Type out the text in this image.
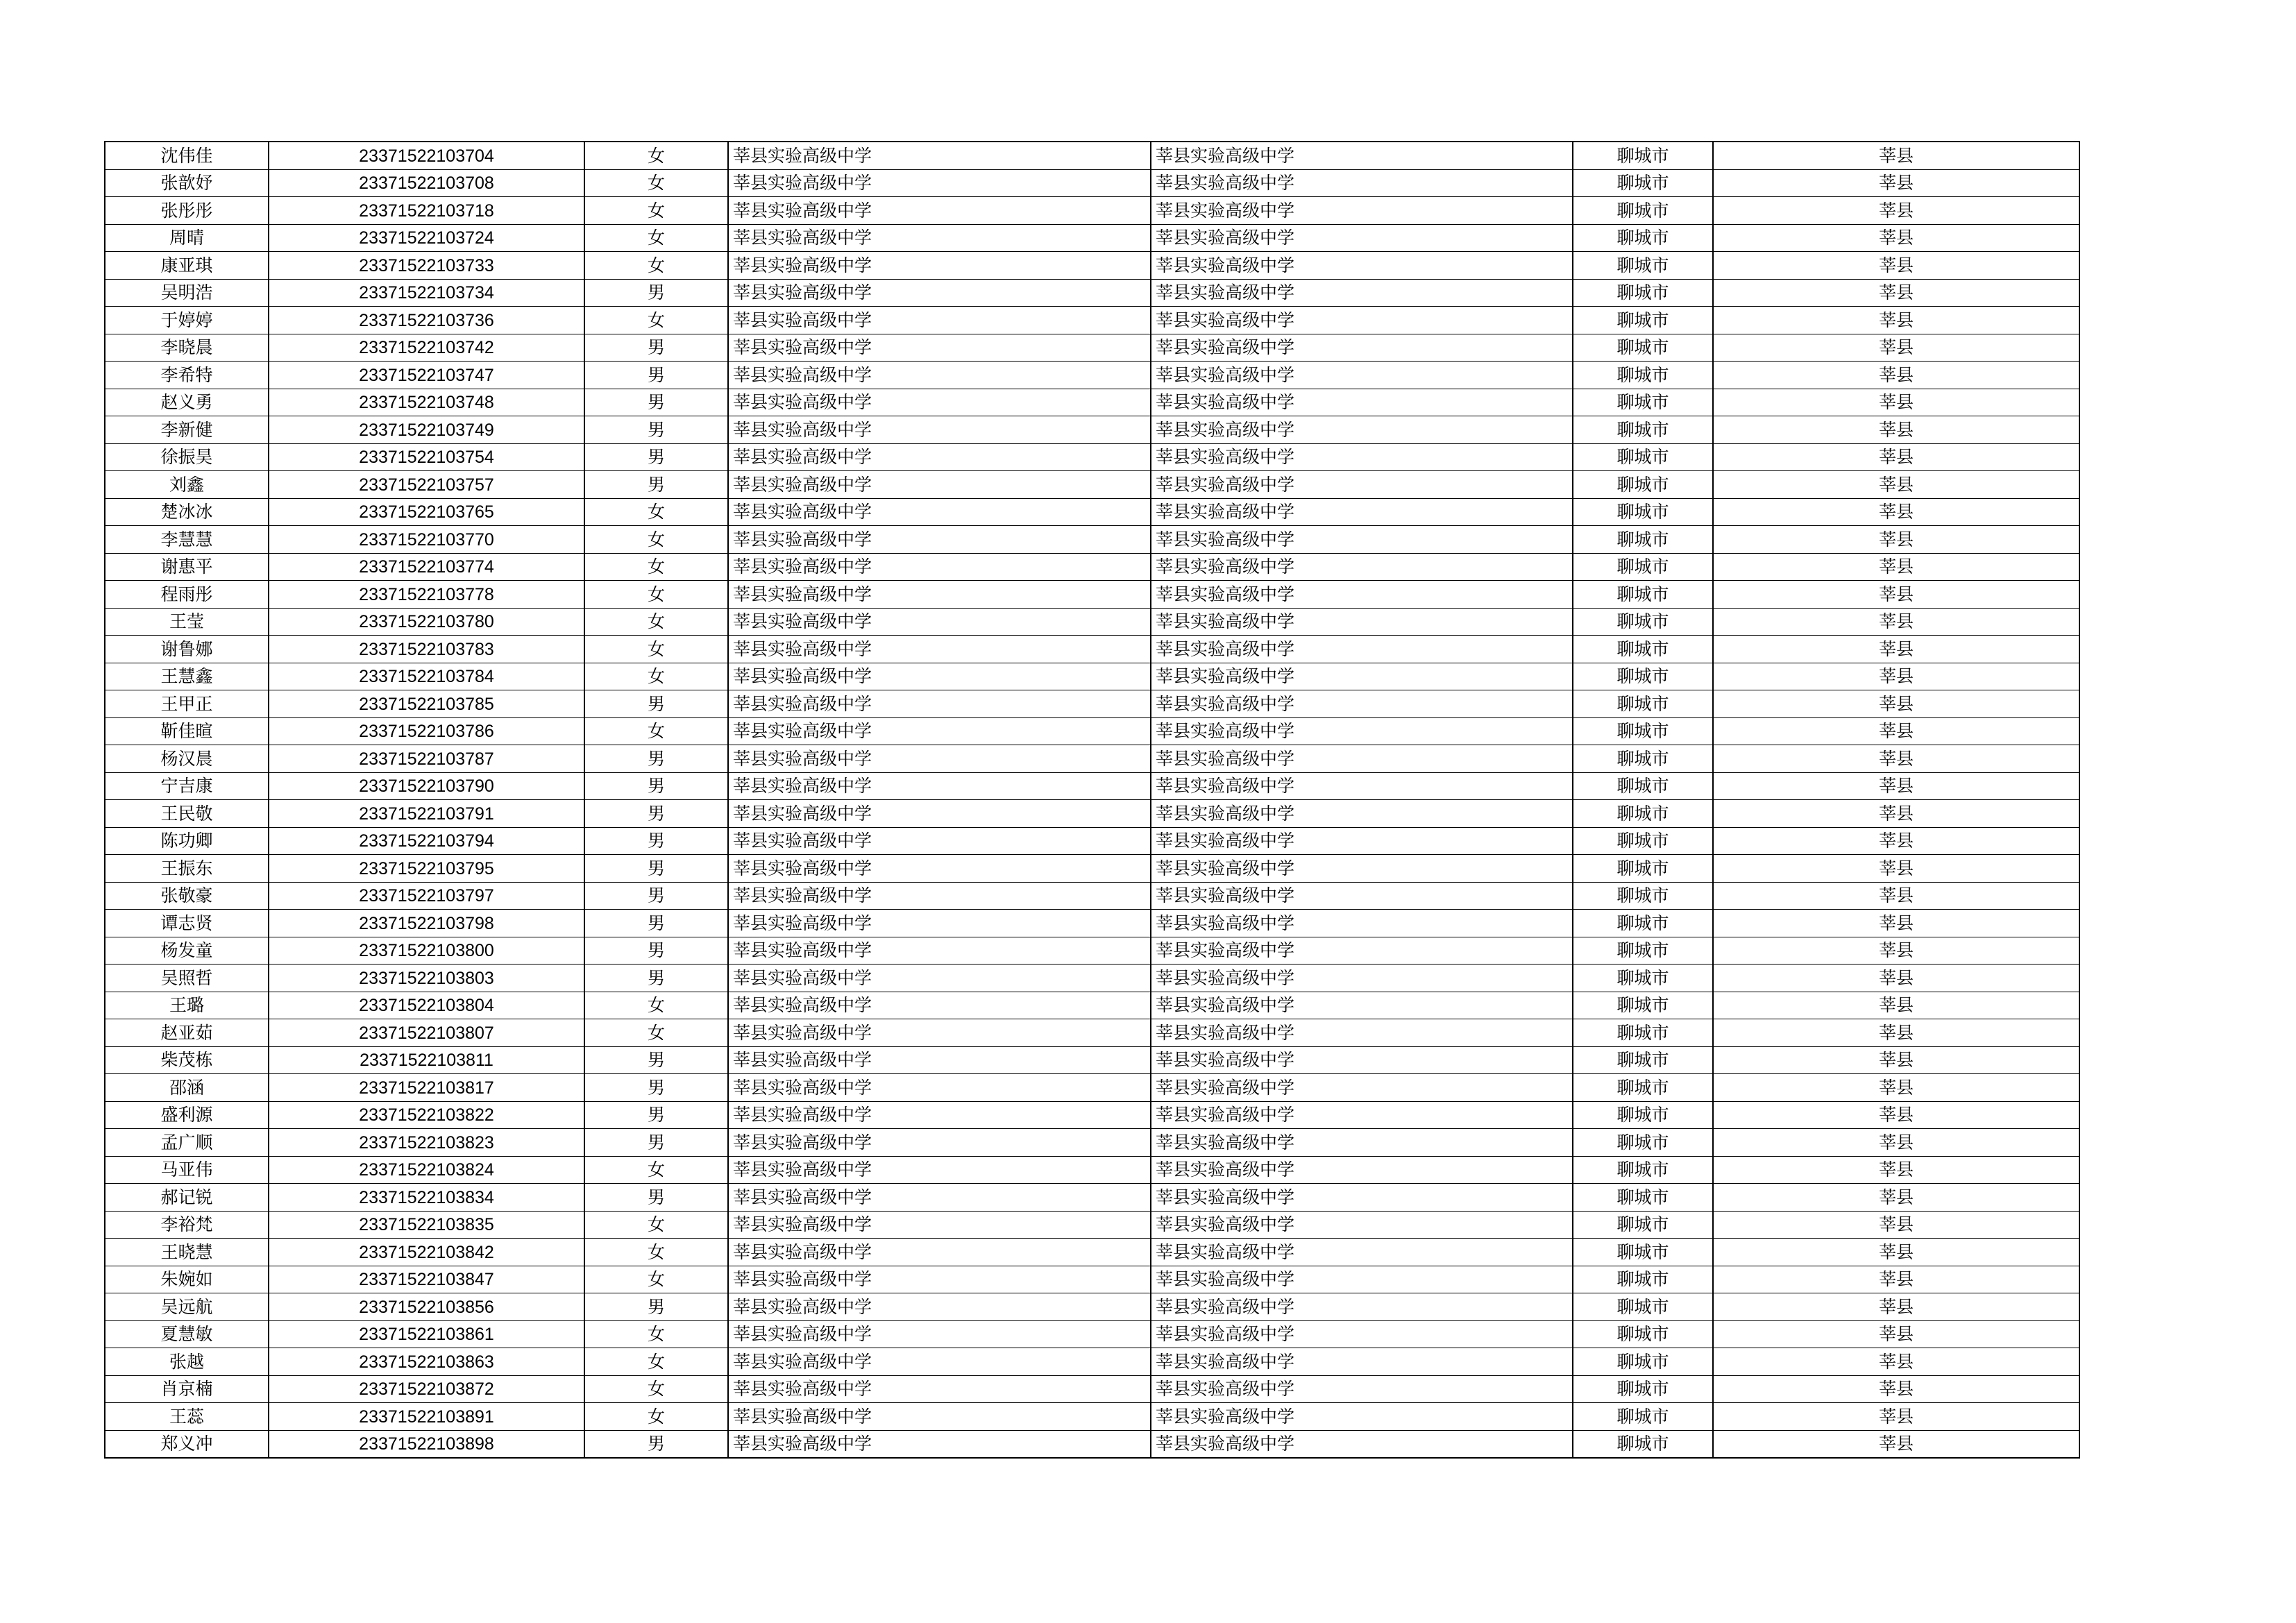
沈伟佳	23371522103704	女	莘县实验高级中学	莘县实验高级中学	聊城市	莘县
张歆妤	23371522103708	女	莘县实验高级中学	莘县实验高级中学	聊城市	莘县
张彤彤	23371522103718	女	莘县实验高级中学	莘县实验高级中学	聊城市	莘县
周晴	23371522103724	女	莘县实验高级中学	莘县实验高级中学	聊城市	莘县
康亚琪	23371522103733	女	莘县实验高级中学	莘县实验高级中学	聊城市	莘县
吴明浩	23371522103734	男	莘县实验高级中学	莘县实验高级中学	聊城市	莘县
于婷婷	23371522103736	女	莘县实验高级中学	莘县实验高级中学	聊城市	莘县
李晓晨	23371522103742	男	莘县实验高级中学	莘县实验高级中学	聊城市	莘县
李希特	23371522103747	男	莘县实验高级中学	莘县实验高级中学	聊城市	莘县
赵义勇	23371522103748	男	莘县实验高级中学	莘县实验高级中学	聊城市	莘县
李新健	23371522103749	男	莘县实验高级中学	莘县实验高级中学	聊城市	莘县
徐振昊	23371522103754	男	莘县实验高级中学	莘县实验高级中学	聊城市	莘县
刘鑫	23371522103757	男	莘县实验高级中学	莘县实验高级中学	聊城市	莘县
楚冰冰	23371522103765	女	莘县实验高级中学	莘县实验高级中学	聊城市	莘县
李慧慧	23371522103770	女	莘县实验高级中学	莘县实验高级中学	聊城市	莘县
谢惠平	23371522103774	女	莘县实验高级中学	莘县实验高级中学	聊城市	莘县
程雨彤	23371522103778	女	莘县实验高级中学	莘县实验高级中学	聊城市	莘县
王莹	23371522103780	女	莘县实验高级中学	莘县实验高级中学	聊城市	莘县
谢鲁娜	23371522103783	女	莘县实验高级中学	莘县实验高级中学	聊城市	莘县
王慧鑫	23371522103784	女	莘县实验高级中学	莘县实验高级中学	聊城市	莘县
王甲正	23371522103785	男	莘县实验高级中学	莘县实验高级中学	聊城市	莘县
靳佳暄	23371522103786	女	莘县实验高级中学	莘县实验高级中学	聊城市	莘县
杨汉晨	23371522103787	男	莘县实验高级中学	莘县实验高级中学	聊城市	莘县
宁吉康	23371522103790	男	莘县实验高级中学	莘县实验高级中学	聊城市	莘县
王民敬	23371522103791	男	莘县实验高级中学	莘县实验高级中学	聊城市	莘县
陈功卿	23371522103794	男	莘县实验高级中学	莘县实验高级中学	聊城市	莘县
王振东	23371522103795	男	莘县实验高级中学	莘县实验高级中学	聊城市	莘县
张敬豪	23371522103797	男	莘县实验高级中学	莘县实验高级中学	聊城市	莘县
谭志贤	23371522103798	男	莘县实验高级中学	莘县实验高级中学	聊城市	莘县
杨发童	23371522103800	男	莘县实验高级中学	莘县实验高级中学	聊城市	莘县
吴照哲	23371522103803	男	莘县实验高级中学	莘县实验高级中学	聊城市	莘县
王璐	23371522103804	女	莘县实验高级中学	莘县实验高级中学	聊城市	莘县
赵亚茹	23371522103807	女	莘县实验高级中学	莘县实验高级中学	聊城市	莘县
柴茂栋	23371522103811	男	莘县实验高级中学	莘县实验高级中学	聊城市	莘县
邵涵	23371522103817	男	莘县实验高级中学	莘县实验高级中学	聊城市	莘县
盛利源	23371522103822	男	莘县实验高级中学	莘县实验高级中学	聊城市	莘县
孟广顺	23371522103823	男	莘县实验高级中学	莘县实验高级中学	聊城市	莘县
马亚伟	23371522103824	女	莘县实验高级中学	莘县实验高级中学	聊城市	莘县
郝记锐	23371522103834	男	莘县实验高级中学	莘县实验高级中学	聊城市	莘县
李裕梵	23371522103835	女	莘县实验高级中学	莘县实验高级中学	聊城市	莘县
王晓慧	23371522103842	女	莘县实验高级中学	莘县实验高级中学	聊城市	莘县
朱婉如	23371522103847	女	莘县实验高级中学	莘县实验高级中学	聊城市	莘县
吴远航	23371522103856	男	莘县实验高级中学	莘县实验高级中学	聊城市	莘县
夏慧敏	23371522103861	女	莘县实验高级中学	莘县实验高级中学	聊城市	莘县
张越	23371522103863	女	莘县实验高级中学	莘县实验高级中学	聊城市	莘县
肖京楠	23371522103872	女	莘县实验高级中学	莘县实验高级中学	聊城市	莘县
王蕊	23371522103891	女	莘县实验高级中学	莘县实验高级中学	聊城市	莘县
郑义冲	23371522103898	男	莘县实验高级中学	莘县实验高级中学	聊城市	莘县
